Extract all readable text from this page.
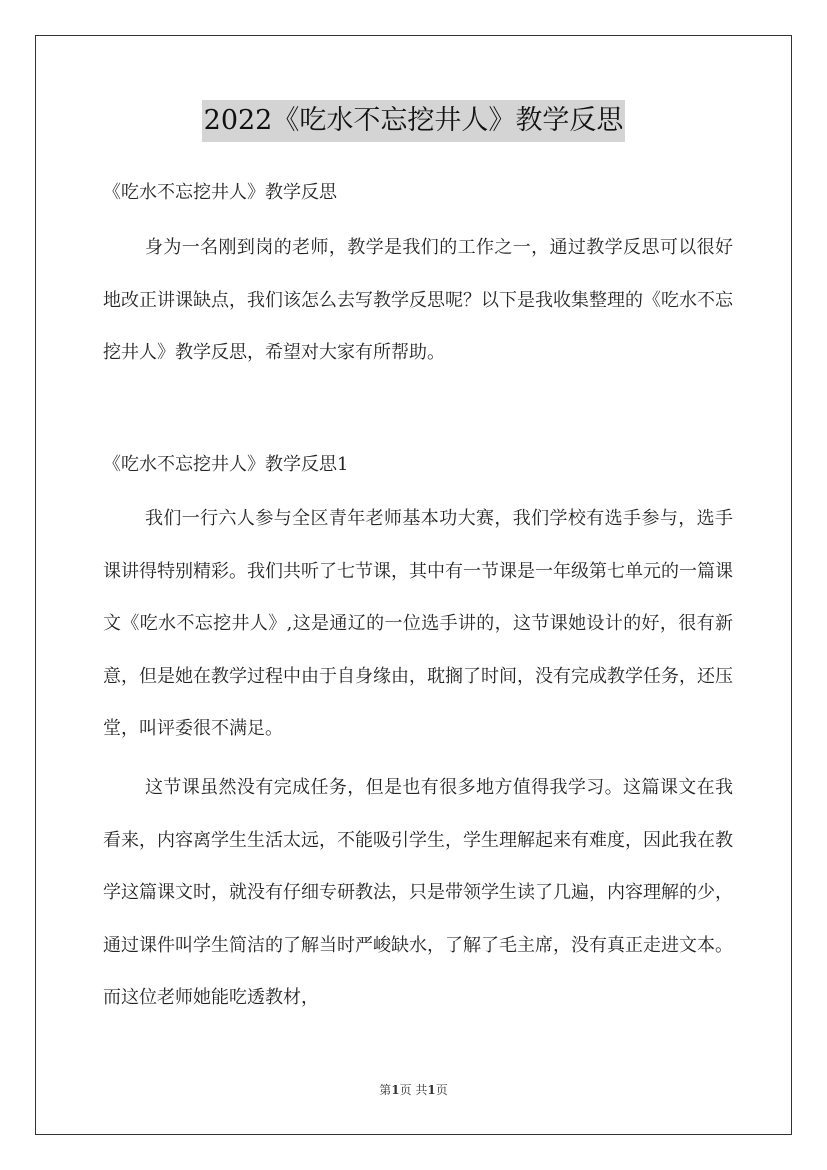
2022《吃水不忘挖井人》教学反思
《吃水不忘挖井人》教学反思
身为一名刚到岗的老师，教学是我们的工作之一，通过教学反思可以很好地改正讲课缺点，我们该怎么去写教学反思呢？以下是我收集整理的《吃水不忘挖井人》教学反思，希望对大家有所帮助。
《吃水不忘挖井人》教学反思1
我们一行六人参与全区青年老师基本功大赛，我们学校有选手参与，选手课讲得特别精彩。我们共听了七节课，其中有一节课是一年级第七单元的一篇课文《吃水不忘挖井人》,这是通辽的一位选手讲的，这节课她设计的好，很有新意，但是她在教学过程中由于自身缘由，耽搁了时间，没有完成教学任务，还压堂，叫评委很不满足。
这节课虽然没有完成任务，但是也有很多地方值得我学习。这篇课文在我看来，内容离学生生活太远，不能吸引学生，学生理解起来有难度，因此我在教学这篇课文时，就没有仔细专研教法，只是带领学生读了几遍，内容理解的少，通过课件叫学生简洁的了解当时严峻缺水，了解了毛主席，没有真正走进文本。而这位老师她能吃透教材，
第1页 共1页
